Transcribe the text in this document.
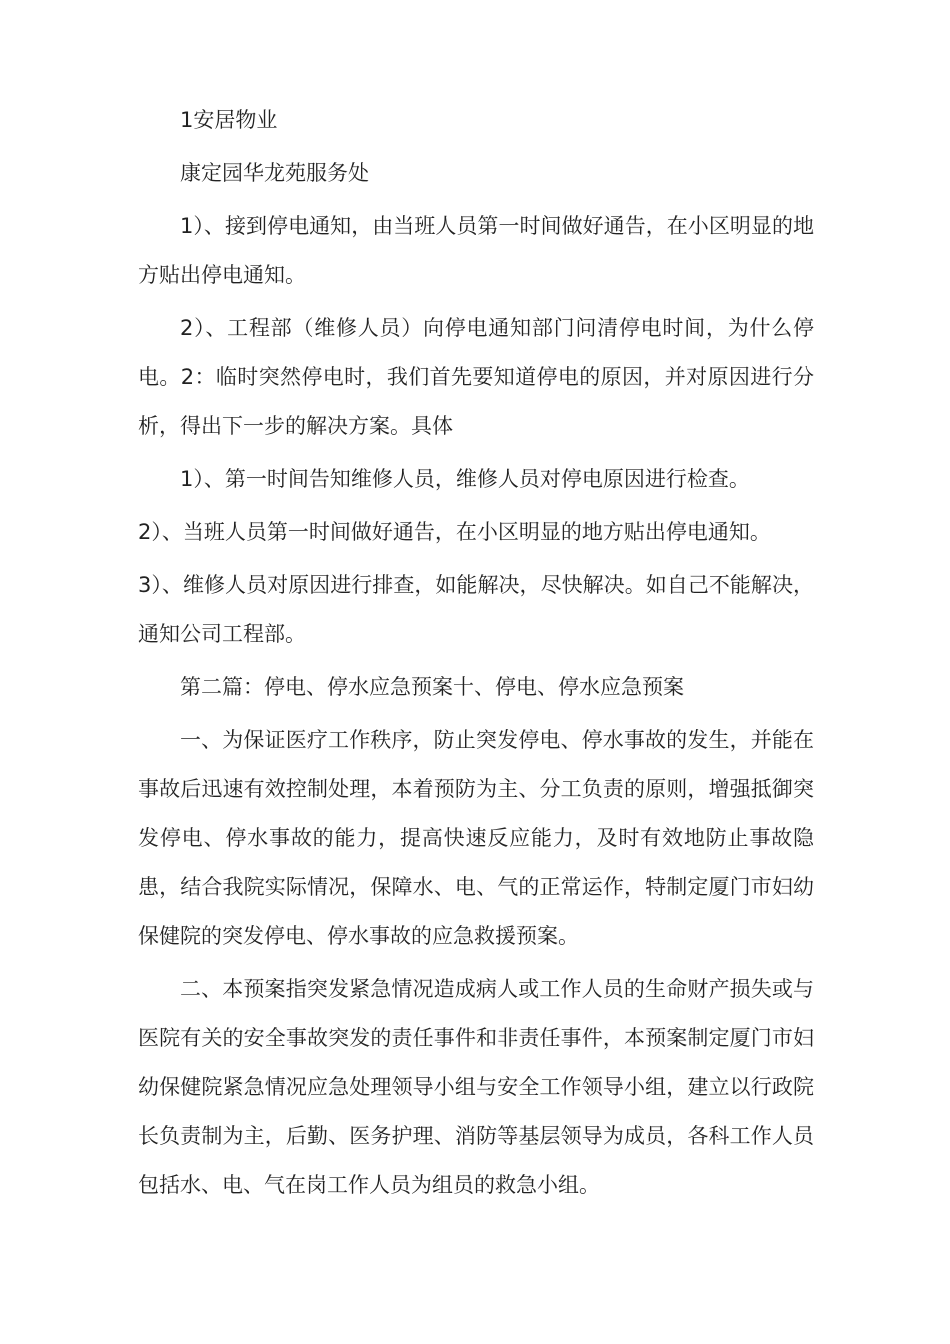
1安居物业

康定园华龙苑服务处

1）、接到停电通知，由当班人员第一时间做好通告，在小区明显的地方贴出停电通知。

2）、工程部（维修人员）向停电通知部门问清停电时间，为什么停电。2：临时突然停电时，我们首先要知道停电的原因，并对原因进行分析，得出下一步的解决方案。具体

1）、第一时间告知维修人员，维修人员对停电原因进行检查。

2）、当班人员第一时间做好通告，在小区明显的地方贴出停电通知。

3）、维修人员对原因进行排查，如能解决，尽快解决。如自己不能解决，通知公司工程部。

第二篇：停电、停水应急预案十、停电、停水应急预案

一、为保证医疗工作秩序，防止突发停电、停水事故的发生，并能在事故后迅速有效控制处理，本着预防为主、分工负责的原则，增强抵御突发停电、停水事故的能力，提高快速反应能力，及时有效地防止事故隐患，结合我院实际情况，保障水、电、气的正常运作，特制定厦门市妇幼保健院的突发停电、停水事故的应急救援预案。

二、本预案指突发紧急情况造成病人或工作人员的生命财产损失或与医院有关的安全事故突发的责任事件和非责任事件，本预案制定厦门市妇幼保健院紧急情况应急处理领导小组与安全工作领导小组，建立以行政院长负责制为主，后勤、医务护理、消防等基层领导为成员，各科工作人员包括水、电、气在岗工作人员为组员的救急小组。
